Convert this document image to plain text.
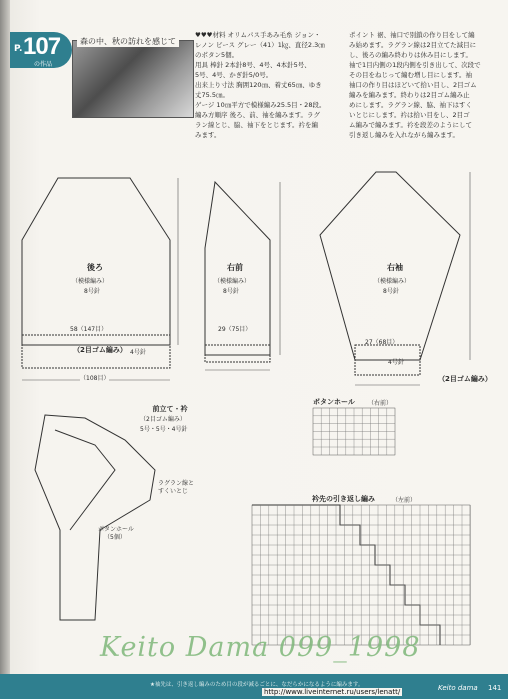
P. 107
の作品
森の中、秋の訪れを感じて
♥♥♥材料 オリムパス手あみ毛糸 ジョン・
レノン ピース グレー（41）1㎏、直径2.3㎝
のボタン5個。
用具 棒針 2本針8号、4号、4本針5号、
5号、4号、かぎ針5/0号。
出来上り寸法 胸囲120㎝、着丈65㎝、ゆき
丈75.5㎝。
ゲージ 10㎝平方で模様編み25.5目・28段。
編み方順序 後ろ、前、袖を編みます。ラグ
ラン線とじ、脇、袖下をとじます。衿を編
みます。
ポイント 裾、袖口で別鎖の作り目をして編
み始めます。ラグラン線は2目立てた減目に
し、後ろの編み終わりは休み目にします。
袖で1目内側の1段内側を引き出して、次段で
その目をねじって編む増し目にします。袖
袖口の作り目はほどいて拾い目し、2目ゴム
編みを編みます。終わりは2目ゴム編み止
めにします。ラグラン線、脇、袖下はすく
いとじにします。衿は拾い目をし、2目ゴ
ム編みで編みます。衿を段差のようにして
引き返し編みを入れながら編みます。
後ろ
（模様編み）
8号針
58（147目）
（2目ゴム編み） 4号針
（108目）
右前
（模様編み）
8号針
29（75目）
右袖
（模様編み）
8号針
27（68目）
（2目ゴム編み）
4号針
前立て・衿
（2目ゴム編み）
5号・5号・4号針
ラグラン線と
すくいとじ
ボタンホール
（5個）
ボタンホール	（右前）
衿先の引き返し編み	（左前）
Keito Dama 099_1998
★袖先は、引き返し編みのため目の段が減るごとに、なだらかになるように編みます。
http://www.liveinternet.ru/users/lenatt/	Keito dama 141
